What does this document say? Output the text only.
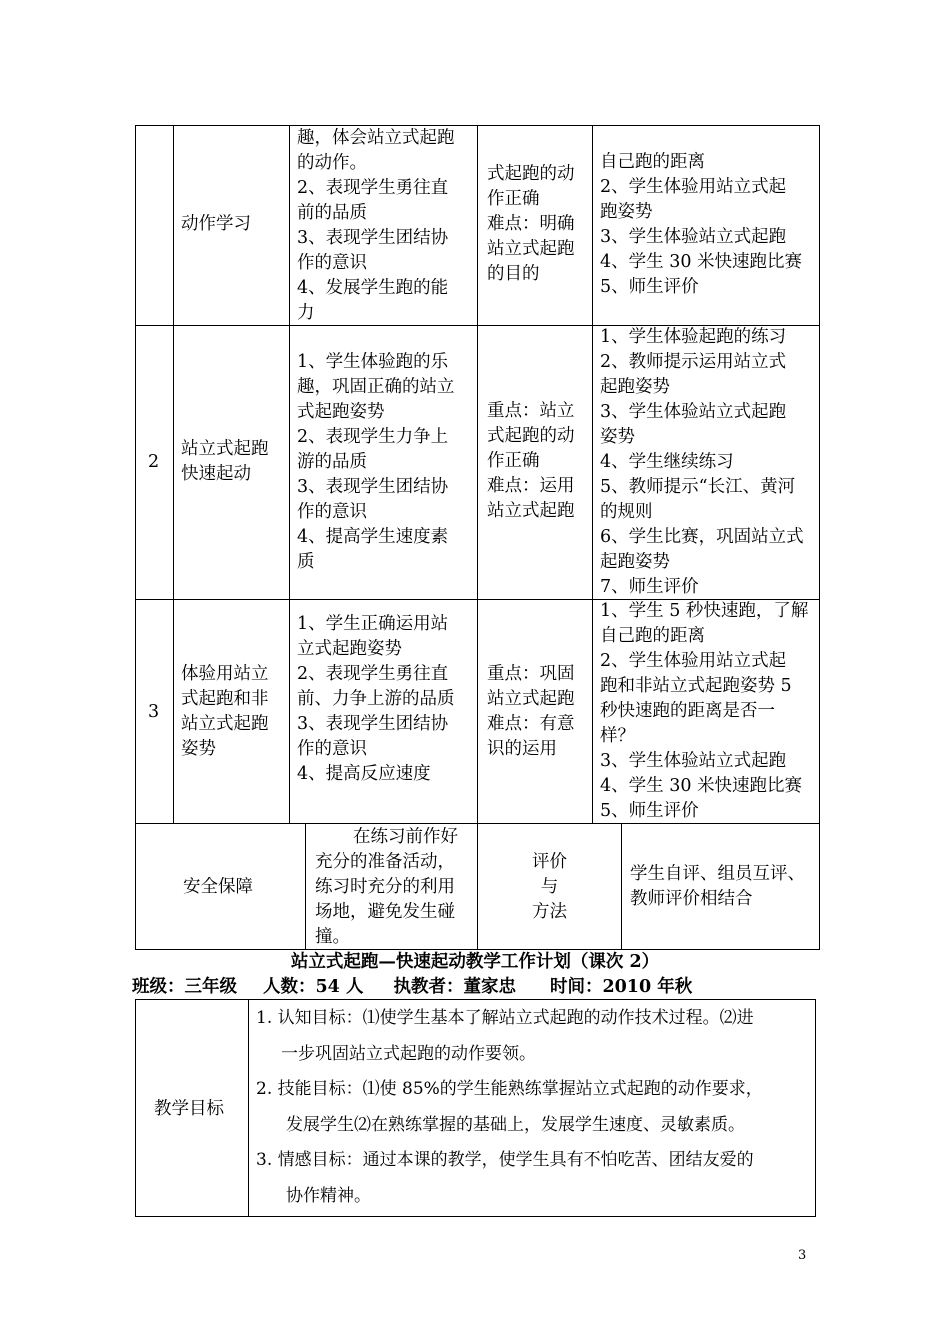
动作学习
趣，体会站立式起跑
的动作。
2、表现学生勇往直
前的品质
3、表现学生团结协
作的意识
4、发展学生跑的能
力
式起跑的动
作正确
难点：明确
站立式起跑
的目的
自己跑的距离
2、学生体验用站立式起
跑姿势
3、学生体验站立式起跑
4、学生 30 米快速跑比赛
5、师生评价
2
站立式起跑快速起动
1、学生体验跑的乐
趣，巩固正确的站立
式起跑姿势
2、表现学生力争上
游的品质
3、表现学生团结协
作的意识
4、提高学生速度素
质
重点：站立
式起跑的动
作正确
难点：运用
站立式起跑
1、学生体验起跑的练习
2、教师提示运用站立式
起跑姿势
3、学生体验站立式起跑
姿势
4、学生继续练习
5、教师提示“长江、黄河
的规则
6、学生比赛，巩固站立式
起跑姿势
7、师生评价
3
体验用站立式起跑和非站立式起跑姿势
1、学生正确运用站
立式起跑姿势
2、表现学生勇往直
前、力争上游的品质
3、表现学生团结协
作的意识
4、提高反应速度
重点：巩固
站立式起跑
难点：有意
识的运用
1、学生 5 秒快速跑，了解
自己跑的距离
2、学生体验用站立式起
跑和非站立式起跑姿势 5
秒快速跑的距离是否一
样？
3、学生体验站立式起跑
4、学生 30 米快速跑比赛
5、师生评价
安全保障
在练习前作好
充分的准备活动，
练习时充分的利用
场地，避免发生碰
撞。
评价
与
方法
学生自评、组员互评、
教师评价相结合
站立式起跑—快速起动教学工作计划（课次 2）
班级：三年级 人数：54 人 执教者：董家忠 时间：2010 年秋
教学目标
1. 认知目标：⑴使学生基本了解站立式起跑的动作技术过程。⑵进
一步巩固站立式起跑的动作要领。
2. 技能目标：⑴使 85%的学生能熟练掌握站立式起跑的动作要求，
发展学生⑵在熟练掌握的基础上，发展学生速度、灵敏素质。
3. 情感目标：通过本课的教学，使学生具有不怕吃苦、团结友爱的
协作精神。
3
